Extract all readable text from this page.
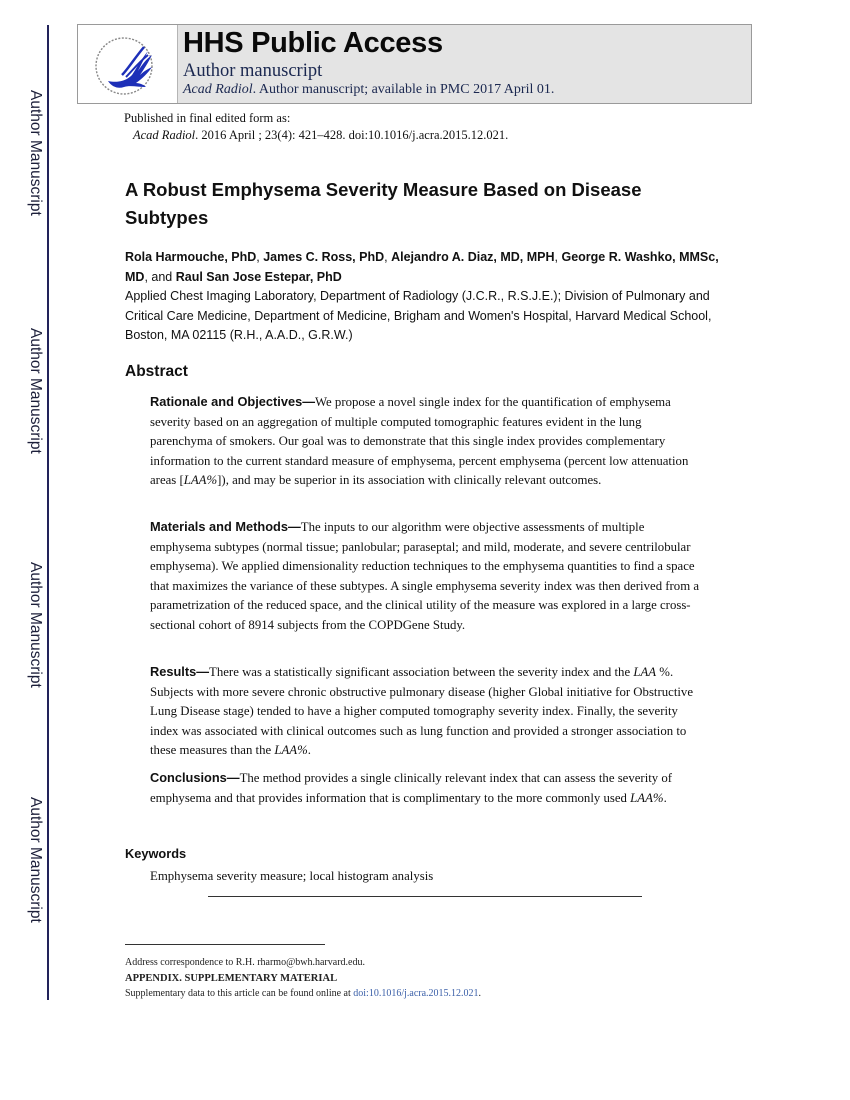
Author Manuscript
Author Manuscript
Author Manuscript
Author Manuscript
HHS Public Access
Author manuscript
Acad Radiol. Author manuscript; available in PMC 2017 April 01.
Published in final edited form as:
Acad Radiol. 2016 April ; 23(4): 421–428. doi:10.1016/j.acra.2015.12.021.
A Robust Emphysema Severity Measure Based on Disease Subtypes
Rola Harmouche, PhD, James C. Ross, PhD, Alejandro A. Diaz, MD, MPH, George R. Washko, MMSc, MD, and Raul San Jose Estepar, PhD
Applied Chest Imaging Laboratory, Department of Radiology (J.C.R., R.S.J.E.); Division of Pulmonary and Critical Care Medicine, Department of Medicine, Brigham and Women's Hospital, Harvard Medical School, Boston, MA 02115 (R.H., A.A.D., G.R.W.)
Abstract
Rationale and Objectives—We propose a novel single index for the quantification of emphysema severity based on an aggregation of multiple computed tomographic features evident in the lung parenchyma of smokers. Our goal was to demonstrate that this single index provides complementary information to the current standard measure of emphysema, percent emphysema (percent low attenuation areas [LAA%]), and may be superior in its association with clinically relevant outcomes.
Materials and Methods—The inputs to our algorithm were objective assessments of multiple emphysema subtypes (normal tissue; panlobular; paraseptal; and mild, moderate, and severe centrilobular emphysema). We applied dimensionality reduction techniques to the emphysema quantities to find a space that maximizes the variance of these subtypes. A single emphysema severity index was then derived from a parametrization of the reduced space, and the clinical utility of the measure was explored in a large cross-sectional cohort of 8914 subjects from the COPDGene Study.
Results—There was a statistically significant association between the severity index and the LAA %. Subjects with more severe chronic obstructive pulmonary disease (higher Global initiative for Obstructive Lung Disease stage) tended to have a higher computed tomography severity index. Finally, the severity index was associated with clinical outcomes such as lung function and provided a stronger association to these measures than the LAA%.
Conclusions—The method provides a single clinically relevant index that can assess the severity of emphysema and that provides information that is complimentary to the more commonly used LAA%.
Keywords
Emphysema severity measure; local histogram analysis
Address correspondence to R.H. rharmo@bwh.harvard.edu.
APPENDIX. SUPPLEMENTARY MATERIAL
Supplementary data to this article can be found online at doi:10.1016/j.acra.2015.12.021.
